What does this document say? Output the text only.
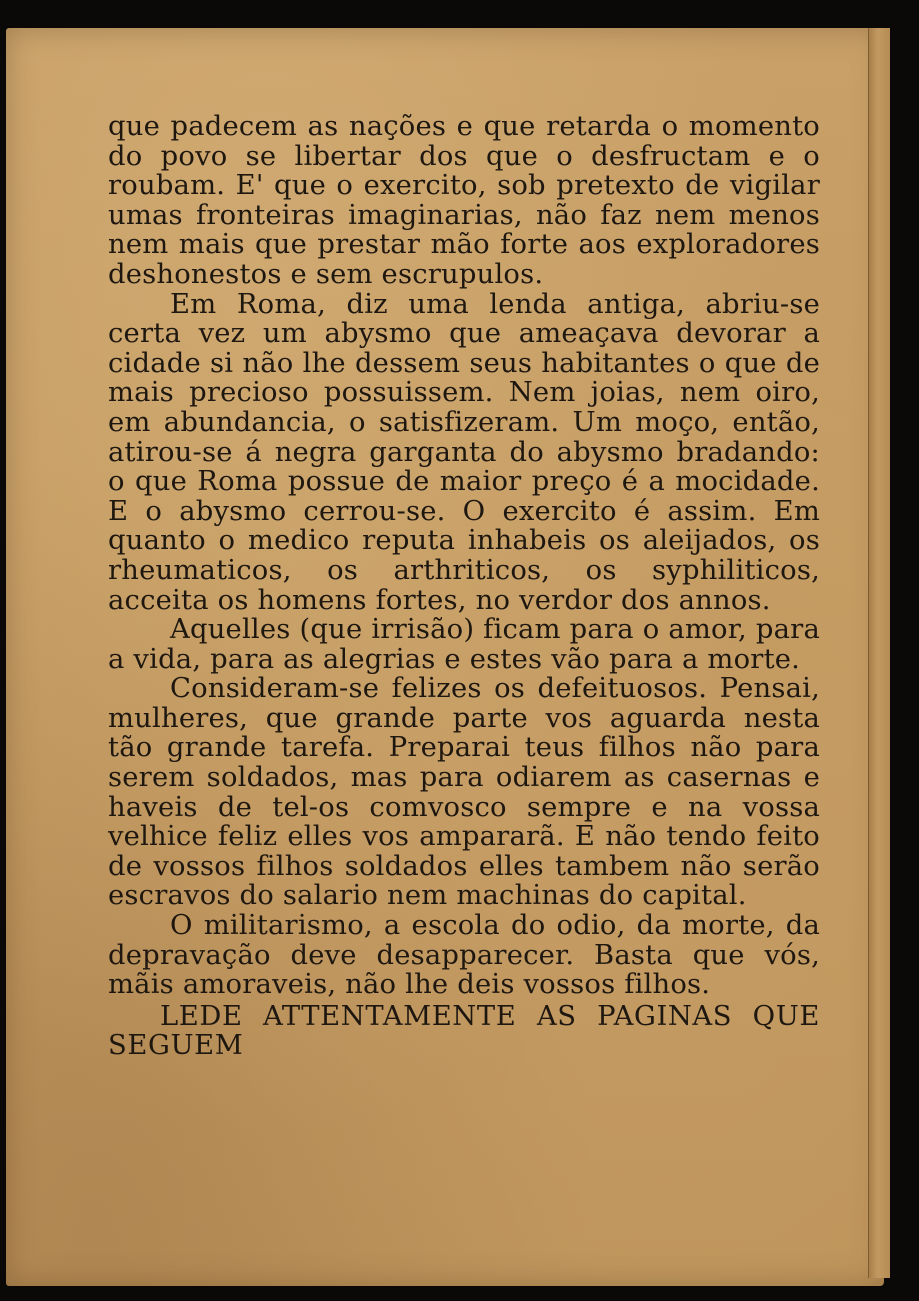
que padecem as nações e que retarda o momento do povo se libertar dos que o desfructam e o roubam. E' que o exercito, sob pretexto de vigilar umas fronteiras imaginarias, não faz nem menos nem mais que prestar mão forte aos exploradores deshonestos e sem escrupulos.

Em Roma, diz uma lenda antiga, abriu-se certa vez um abysmo que ameaçava devorar a cidade si não lhe dessem seus habitantes o que de mais precioso possuissem. Nem joias, nem oiro, em abundancia, o satisfizeram. Um moço, então, atirou-se á negra garganta do abysmo bradando: o que Roma possue de maior preço é a mocidade. E o abysmo cerrou-se. O exercito é assim. Em quanto o medico reputa inhabeis os aleijados, os rheumaticos, os arthriticos, os syphiliticos, acceita os homens fortes, no verdor dos annos.

Aquelles (que irrisão) ficam para o amor, para a vida, para as alegrias e estes vão para a morte.

Consideram-se felizes os defeituosos. Pensai, mulheres, que grande parte vos aguarda nesta tão grande tarefa. Preparai teus filhos não para serem soldados, mas para odiarem as casernas e haveis de tel-os comvosco sempre e na vossa velhice feliz elles vos ampararã. E não tendo feito de vossos filhos soldados elles tambem não serão escravos do salario nem machinas do capital.

O militarismo, a escola do odio, da morte, da depravação deve desapparecer. Basta que vós, mãis amoraveis, não lhe deis vossos filhos.

LEDE ATTENTAMENTE AS PAGINAS QUE SEGUEM
